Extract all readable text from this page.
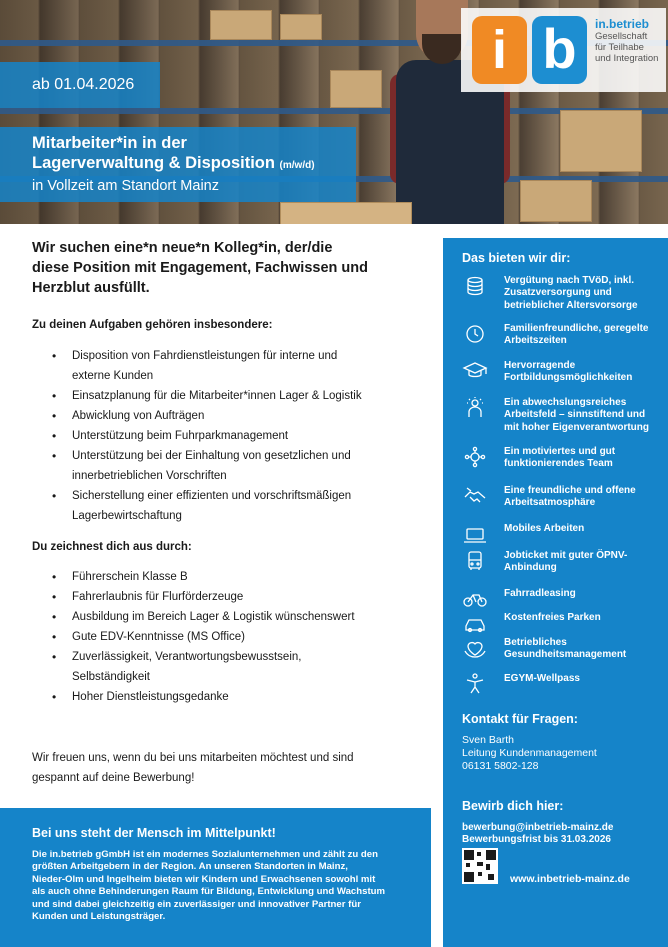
ab 01.04.2026
Mitarbeiter*in in der
Lagerverwaltung & Disposition (m/w/d)
in Vollzeit am Standort Mainz
i b	in.betrieb
Gesellschaft
für Teilhabe
und Integration
Wir suchen eine*n neue*n Kolleg*in, der/die
diese Position mit Engagement, Fachwissen und
Herzblut ausfüllt.
Zu deinen Aufgaben gehören insbesondere:
• Disposition von Fahrdienstleistungen für interne und
externe Kunden
• Einsatzplanung für die Mitarbeiter*innen Lager & Logistik
• Abwicklung von Aufträgen
• Unterstützung beim Fuhrparkmanagement
• Unterstützung bei der Einhaltung von gesetzlichen und
innerbetrieblichen Vorschriften
• Sicherstellung einer effizienten und vorschriftsmäßigen
Lagerbewirtschaftung
Du zeichnest dich aus durch:
• Führerschein Klasse B
• Fahrerlaubnis für Flurförderzeuge
• Ausbildung im Bereich Lager & Logistik wünschenswert
• Gute EDV-Kenntnisse (MS Office)
• Zuverlässigkeit, Verantwortungsbewusstsein,
Selbständigkeit
• Hoher Dienstleistungsgedanke
Wir freuen uns, wenn du bei uns mitarbeiten möchtest und sind
gespannt auf deine Bewerbung!
Bei uns steht der Mensch im Mittelpunkt!
Die in.betrieb gGmbH ist ein modernes Sozialunternehmen und zählt zu den
größten Arbeitgebern in der Region. An unseren Standorten in Mainz,
Nieder-Olm und Ingelheim bieten wir Kindern und Erwachsenen sowohl mit
als auch ohne Behinderungen Raum für Bildung, Entwicklung und Wachstum
und sind dabei gleichzeitig ein zuverlässiger und innovativer Partner für
Kunden und Leistungsträger.
Das bieten wir dir:
Vergütung nach TVöD, inkl.
Zusatzversorgung und
betrieblicher Altersvorsorge
Familienfreundliche, geregelte
Arbeitszeiten
Hervorragende
Fortbildungsmöglichkeiten
Ein abwechslungsreiches
Arbeitsfeld – sinnstiftend und
mit hoher Eigenverantwortung
Ein motiviertes und gut
funktionierendes Team
Eine freundliche und offene
Arbeitsatmosphäre
Mobiles Arbeiten
Jobticket mit guter ÖPNV-
Anbindung
Fahrradleasing
Kostenfreies Parken
Betriebliches
Gesundheitsmanagement
EGYM-Wellpass
Kontakt für Fragen:
Sven Barth
Leitung Kundenmanagement
06131 5802-128
Bewirb dich hier:
bewerbung@inbetrieb-mainz.de
Bewerbungsfrist bis 31.03.2026
www.inbetrieb-mainz.de
